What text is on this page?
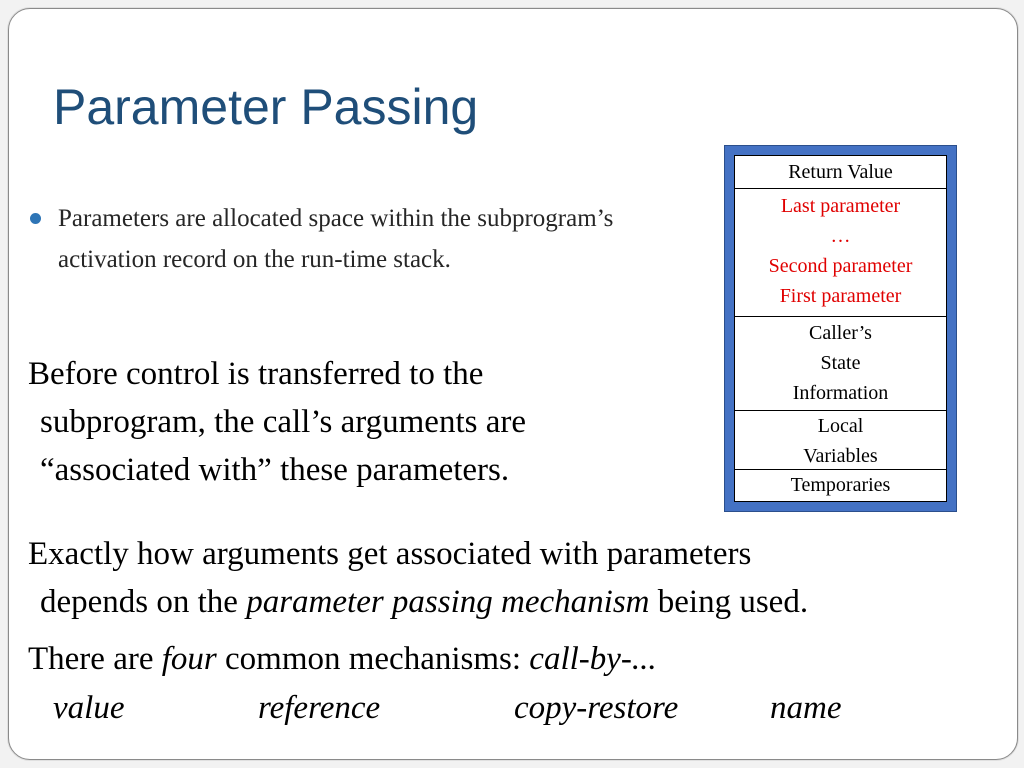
Parameter Passing
Parameters are allocated space within the subprogram’s activation record on the run-time stack.
Before control is transferred to the
subprogram, the call’s arguments are
“associated with” these parameters.
Exactly how arguments get associated with parameters
depends on the parameter passing mechanism being used.
There are four common mechanisms: call-by-...
value	reference	copy-restore	name
Return Value
Last parameter
…
Second parameter
First parameter
Caller’s
State
Information
Local
Variables
Temporaries
